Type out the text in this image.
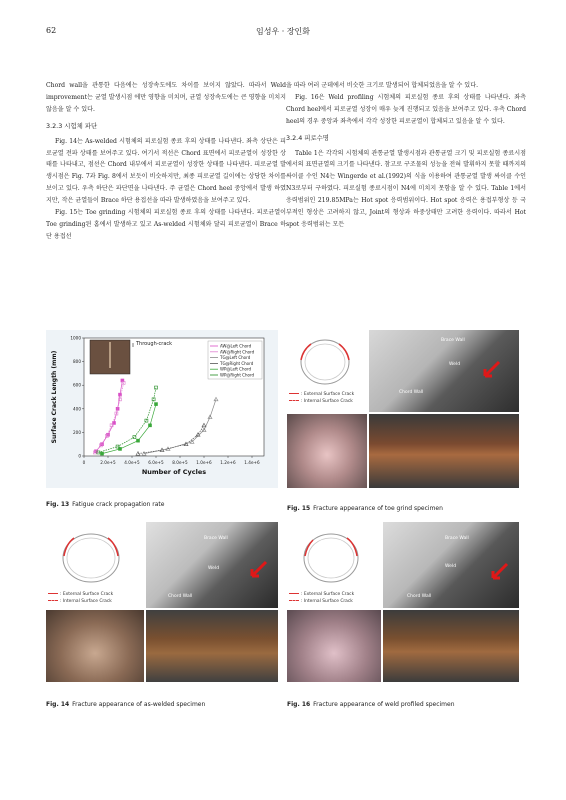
62	임성우 · 장인화

Chord wall을 관통한 다음에는 성장속도에도 차이를 보이지 않았다. 따라서 Weld improvement는 균열 발생시점 에만 영향을 미치며, 균열 성장속도에는 큰 영향을 미치지 않음을 알 수 있다.

3.2.3 시험체 파단

Fig. 14는 As-welded 시험체의 피로실험 종료 후의 상태를 나타낸다. 좌측 상단은 피로균열 전파 상태를 보여주고 있다. 여기서 적선은 Chord 표면에서 피로균열이 성장한 상태를 나타내고, 점선은 Chord 내부에서 피로균열이 성장한 상태를 나타낸다. 피로균열 발생시점은 Fig. 7과 Fig. 8에서 보듯이 비슷하지만, 최종 피로균열 길이에는 상당한 차이를 보이고 있다. 우측 하단은 파단면을 나타낸다. 주 균열은 Chord heel 중앙에서 발생 하였지만, 작은 균열들이 Brace 하단 용접선을 따라 발생하였음을 보여주고 있다.

Fig. 15는 Toe grinding 시험체의 피로실험 종료 후의 상태를 나타낸다. 피로균열이 Toe grinding된 홈에서 발생하고 있고 As-welded 시험체와 달리 피로균열이 Brace 하단 용접선

을 따라 여러 군데에서 비슷한 크기로 발생되어 합체되었음을 알 수 있다.

Fig. 16은 Weld profiling 시험체의 피로실험 종료 후의 상태를 나타낸다. 좌측 Chord heel에서 피로균열 성장이 매우 늦게 진행되고 있음을 보여주고 있다. 우측 Chord heel의 경우 중앙과 좌측에서 각각 성장한 피로균열이 합체되고 있음을 알 수 있다.

3.2.4 피로수명

Table 1은 각각의 시험체의 관통균열 발생시점과 관통균열 크기 및 피로실험 종료시점에서의 표면균열의 크기를 나타낸다. 참고로 구조물의 성능을 전혀 발휘하지 못할 때까지의 싸이클 수인 N4는 Wingerde et al.(1992)의 식을 이용하여 관통균열 발생 싸이클 수인 N3로부터 구하였다. 피로실험 종료시점이 N4에 미치지 못함을 알 수 있다. Table 1에서 응력범위인 219.85MPa는 Hot spot 응력범위이다. Hot spot 응력은 용접부형상 등 국부적인 형상은 고려하지 않고, Joint의 형상과 하중상태만 고려한 응력이다. 따라서 Hot spot 응력범위는 모든

Through-crack
0	2.0e+5 4.0e+5 6.0e+5 8.0e+5 1.0e+6 1.2e+6 1.4e+6
0
200
400
600
800
1000
Number of Cycles
Surface Crack Length (mm)
AW@Left Chord
AW@Right Chord
TG@Left Chord
TG@Right Chord
WP@Left Chord
WP@Right Chord
Fig. 13 Fatigue crack propagation rate
: External Surface Crack
: Internal Surface Crack
Brace Wall
Weld
Chord Wall
Fig. 15 Fracture appearance of toe grind specimen
: External Surface Crack
: Internal Surface Crack
Brace Wall
Weld
Chord Wall
Fig. 14 Fracture appearance of as-welded specimen
: External Surface Crack
: Internal Surface Crack
Brace Wall
Weld
Chord Wall
Fig. 16 Fracture appearance of weld profiled specimen
